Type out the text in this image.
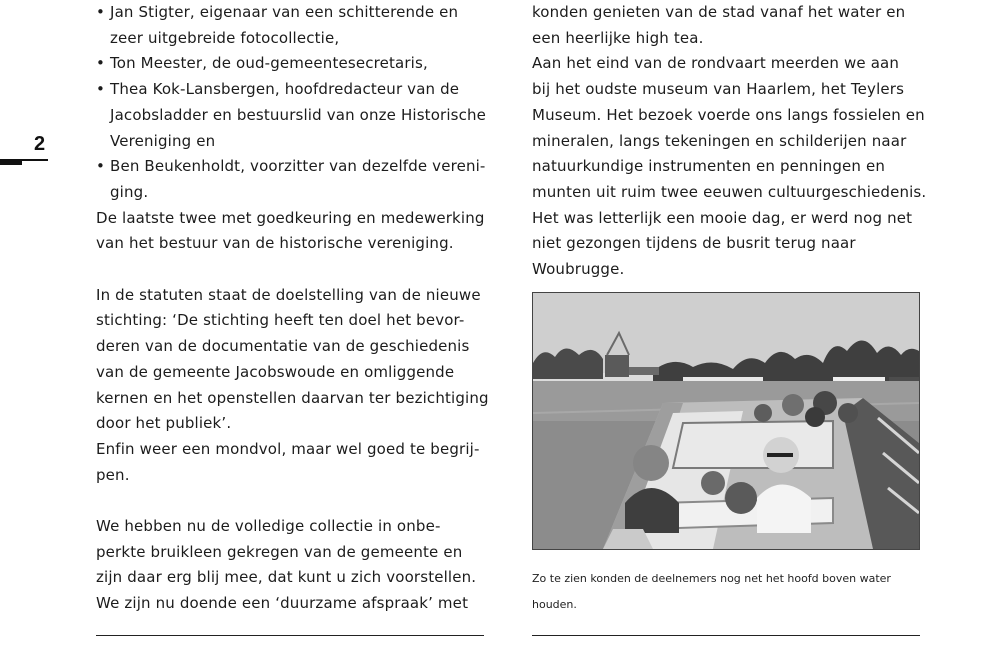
2
• Jan Stigter, eigenaar van een schitterende en
zeer uitgebreide fotocollectie,
• Ton Meester, de oud-gemeentesecretaris,
• Thea Kok-Lansbergen, hoofdredacteur van de
Jacobsladder en bestuurslid van onze Historische
Vereniging en
• Ben Beukenholdt, voorzitter van dezelfde vereni-
ging.

De laatste twee met goedkeuring en medewerking
van het bestuur van de historische vereniging.

In de statuten staat de doelstelling van de nieuwe
stichting: ‘De stichting heeft ten doel het bevor-
deren van de documentatie van de geschiedenis
van de gemeente Jacobswoude en omliggende
kernen en het openstellen daarvan ter bezichtiging
door het publiek’.

Enfin weer een mondvol, maar wel goed te begrij-
pen.

We hebben nu de volledige collectie in onbe-
perkte bruikleen gekregen van de gemeente en
zijn daar erg blij mee, dat kunt u zich voorstellen.
We zijn nu doende een ‘duurzame afspraak’ met

konden genieten van de stad vanaf het water en
een heerlijke high tea.

Aan het eind van de rondvaart meerden we aan
bij het oudste museum van Haarlem, het Teylers
Museum. Het bezoek voerde ons langs fossielen en
mineralen, langs tekeningen en schilderijen naar
natuurkundige instrumenten en penningen en
munten uit ruim twee eeuwen cultuurgeschiedenis.
Het was letterlijk een mooie dag, er werd nog net
niet gezongen tijdens de busrit terug naar
Woubrugge.

Zo te zien konden de deelnemers nog net het hoofd boven water
houden.
